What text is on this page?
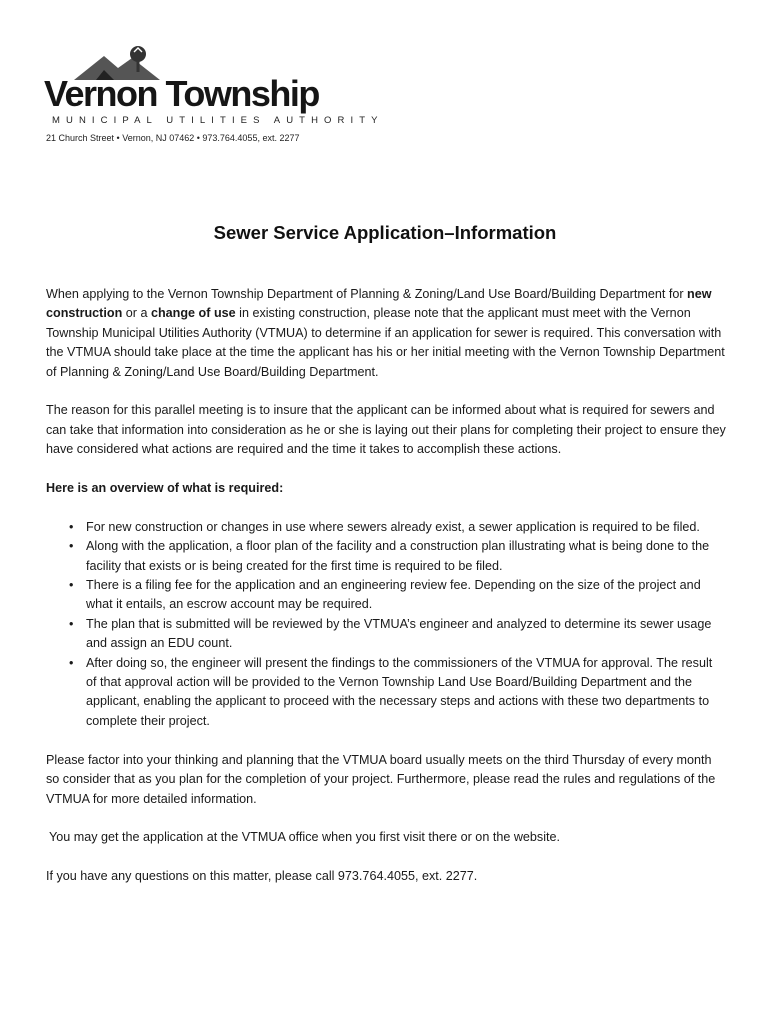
Vernon Township
MUNICIPAL UTILITIES AUTHORITY
21 Church Street • Vernon, NJ 07462 • 973.764.4055, ext. 2277
Sewer Service Application–Information

When applying to the Vernon Township Department of Planning & Zoning/Land Use Board/Building Department for new construction or a change of use in existing construction, please note that the applicant must meet with the Vernon Township Municipal Utilities Authority (VTMUA) to determine if an application for sewer is required. This conversation with the VTMUA should take place at the time the applicant has his or her initial meeting with the Vernon Township Department of Planning & Zoning/Land Use Board/Building Department.

The reason for this parallel meeting is to insure that the applicant can be informed about what is required for sewers and can take that information into consideration as he or she is laying out their plans for completing their project to ensure they have considered what actions are required and the time it takes to accomplish these actions.

Here is an overview of what is required:

• For new construction or changes in use where sewers already exist, a sewer application is required to be filed.
• Along with the application, a floor plan of the facility and a construction plan illustrating what is being done to the facility that exists or is being created for the first time is required to be filed.
• There is a filing fee for the application and an engineering review fee. Depending on the size of the project and what it entails, an escrow account may be required.
• The plan that is submitted will be reviewed by the VTMUA’s engineer and analyzed to determine its sewer usage and assign an EDU count.
• After doing so, the engineer will present the findings to the commissioners of the VTMUA for approval. The result of that approval action will be provided to the Vernon Township Land Use Board/Building Department and the applicant, enabling the applicant to proceed with the necessary steps and actions with these two departments to complete their project.

Please factor into your thinking and planning that the VTMUA board usually meets on the third Thursday of every month so consider that as you plan for the completion of your project. Furthermore, please read the rules and regulations of the VTMUA for more detailed information.

You may get the application at the VTMUA office when you first visit there or on the website.

If you have any questions on this matter, please call 973.764.4055, ext. 2277.
